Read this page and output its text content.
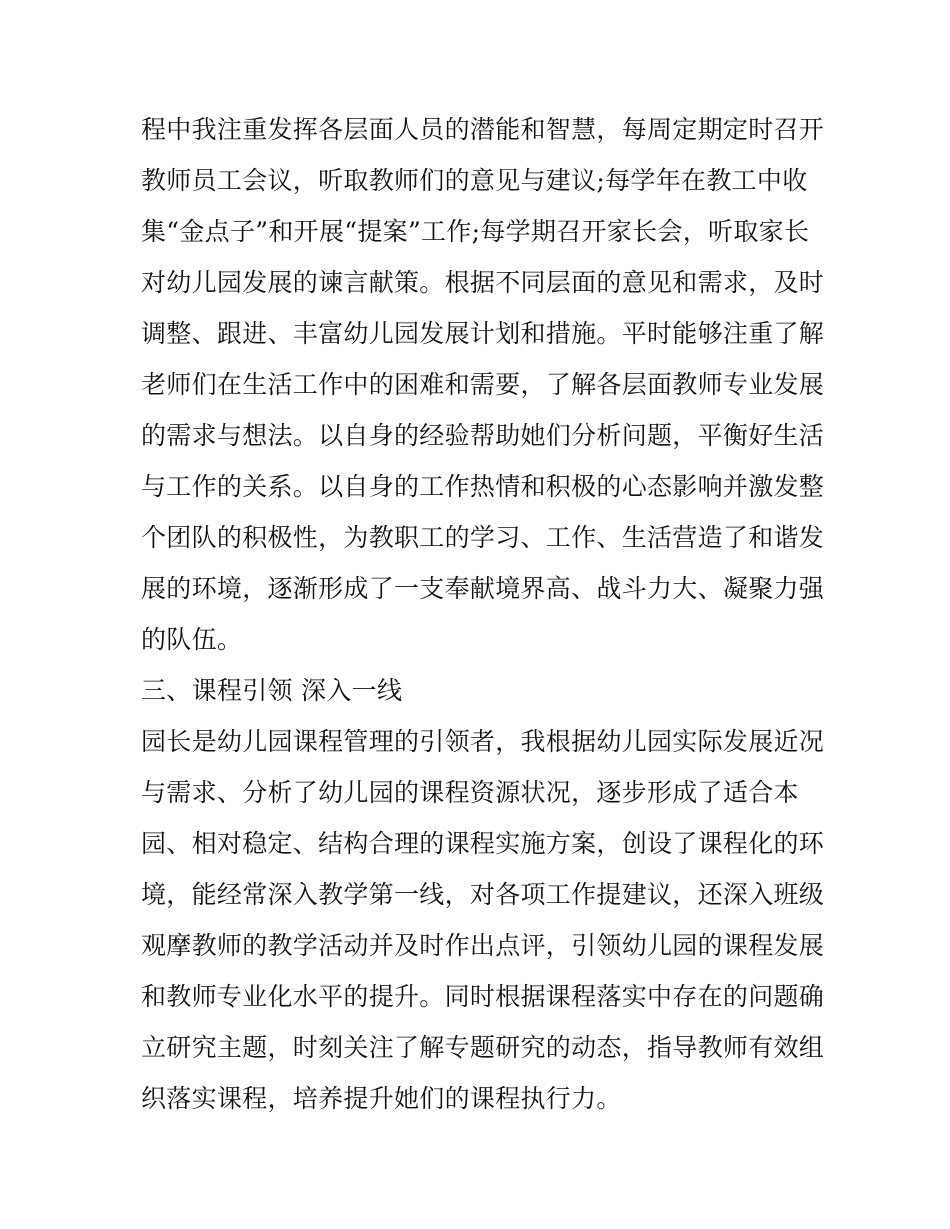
程中我注重发挥各层面人员的潜能和智慧，每周定期定时召开
教师员工会议，听取教师们的意见与建议;每学年在教工中收
集“金点子”和开展“提案”工作;每学期召开家长会，听取家长
对幼儿园发展的谏言献策。根据不同层面的意见和需求，及时
调整、跟进、丰富幼儿园发展计划和措施。平时能够注重了解
老师们在生活工作中的困难和需要，了解各层面教师专业发展
的需求与想法。以自身的经验帮助她们分析问题，平衡好生活
与工作的关系。以自身的工作热情和积极的心态影响并激发整
个团队的积极性，为教职工的学习、工作、生活营造了和谐发
展的环境，逐渐形成了一支奉献境界高、战斗力大、凝聚力强
的队伍。
三、课程引领 深入一线
园长是幼儿园课程管理的引领者，我根据幼儿园实际发展近况
与需求、分析了幼儿园的课程资源状况，逐步形成了适合本
园、相对稳定、结构合理的课程实施方案，创设了课程化的环
境，能经常深入教学第一线，对各项工作提建议，还深入班级
观摩教师的教学活动并及时作出点评，引领幼儿园的课程发展
和教师专业化水平的提升。同时根据课程落实中存在的问题确
立研究主题，时刻关注了解专题研究的动态，指导教师有效组
织落实课程，培养提升她们的课程执行力。
